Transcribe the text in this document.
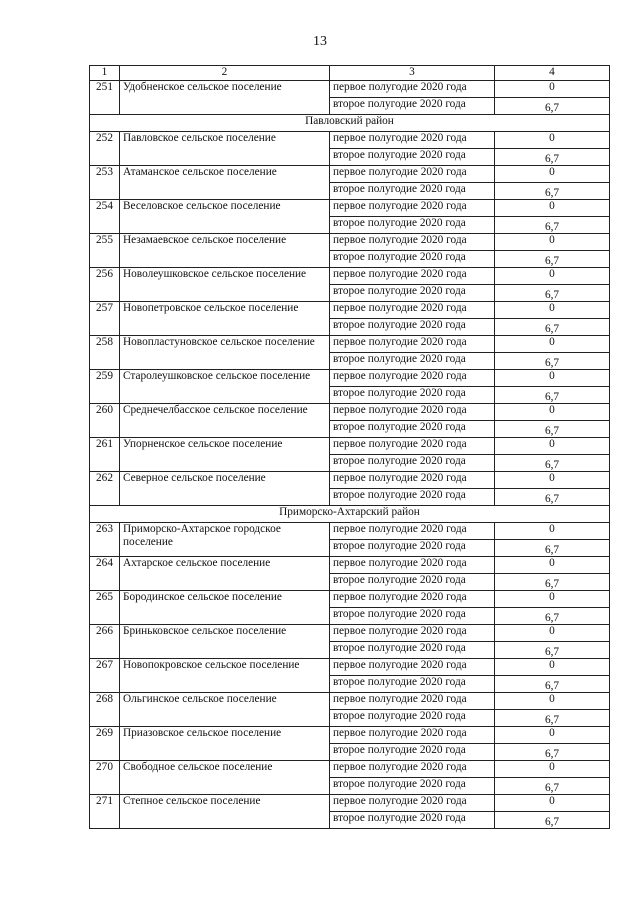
13
1	2	3	4
251	Удобненское сельское поселение	первое полугодие 2020 года	0
		второе полугодие 2020 года	6,7
Павловский район			
252	Павловское сельское поселение	первое полугодие 2020 года	0
		второе полугодие 2020 года	6,7
253	Атаманское сельское поселение	первое полугодие 2020 года	0
		второе полугодие 2020 года	6,7
254	Веселовское сельское поселение	первое полугодие 2020 года	0
		второе полугодие 2020 года	6,7
255	Незамаевское сельское поселение	первое полугодие 2020 года	0
		второе полугодие 2020 года	6,7
256	Новолеушковское сельское поселение	первое полугодие 2020 года	0
		второе полугодие 2020 года	6,7
257	Новопетровское сельское поселение	первое полугодие 2020 года	0
		второе полугодие 2020 года	6,7
258	Новопластуновское сельское поселение	первое полугодие 2020 года	0
		второе полугодие 2020 года	6,7
259	Старолеушковское сельское поселение	первое полугодие 2020 года	0
		второе полугодие 2020 года	6,7
260	Среднечелбасское сельское поселение	первое полугодие 2020 года	0
		второе полугодие 2020 года	6,7
261	Упорненское сельское поселение	первое полугодие 2020 года	0
		второе полугодие 2020 года	6,7
262	Северное сельское поселение	первое полугодие 2020 года	0
		второе полугодие 2020 года	6,7
Приморско-Ахтарский район			
263	Приморско-Ахтарское городское поселение	первое полугодие 2020 года	0
		второе полугодие 2020 года	6,7
264	Ахтарское сельское поселение	первое полугодие 2020 года	0
		второе полугодие 2020 года	6,7
265	Бородинское сельское поселение	первое полугодие 2020 года	0
		второе полугодие 2020 года	6,7
266	Бриньковское сельское поселение	первое полугодие 2020 года	0
		второе полугодие 2020 года	6,7
267	Новопокровское сельское поселение	первое полугодие 2020 года	0
		второе полугодие 2020 года	6,7
268	Ольгинское сельское поселение	первое полугодие 2020 года	0
		второе полугодие 2020 года	6,7
269	Приазовское сельское поселение	первое полугодие 2020 года	0
		второе полугодие 2020 года	6,7
270	Свободное сельское поселение	первое полугодие 2020 года	0
		второе полугодие 2020 года	6,7
271	Степное сельское поселение	первое полугодие 2020 года	0
		второе полугодие 2020 года	6,7
